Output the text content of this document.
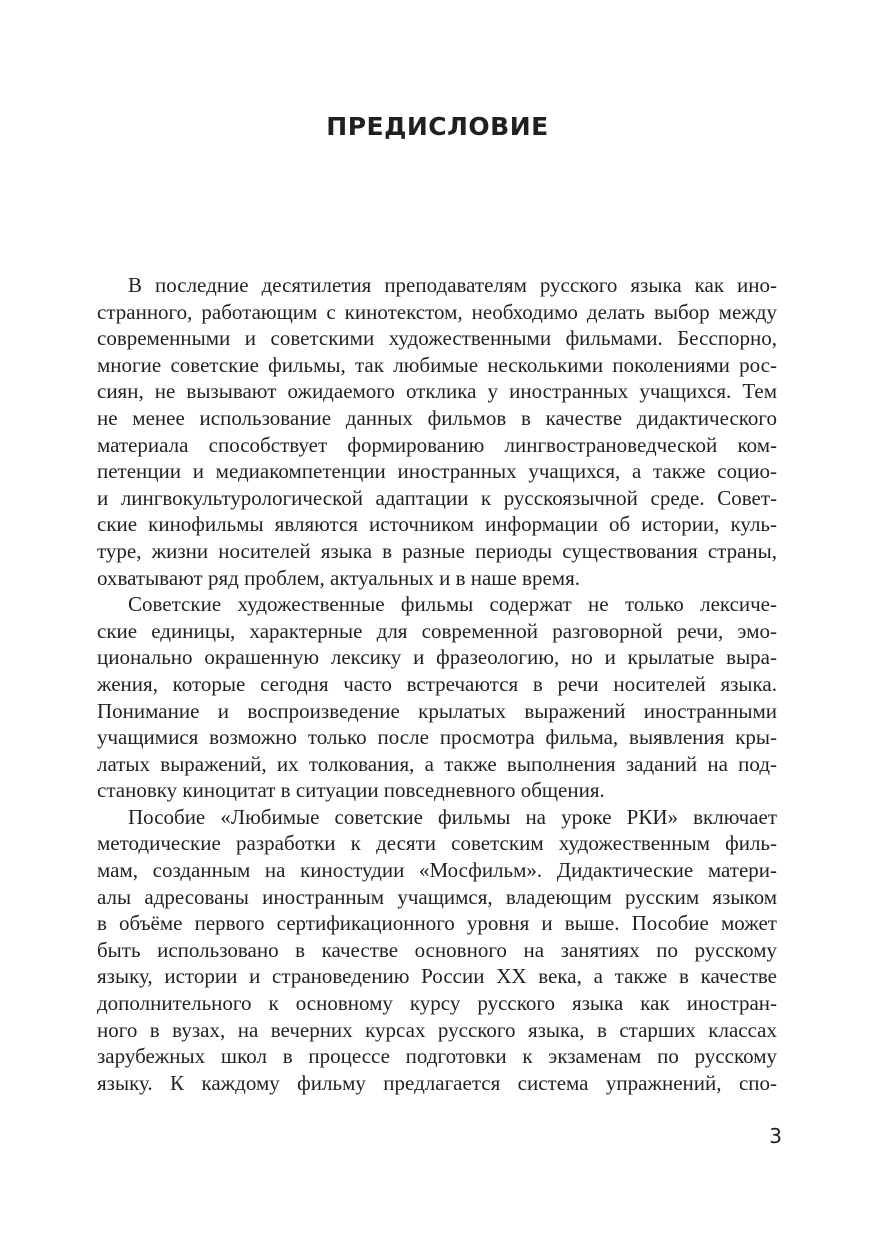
ПРЕДИСЛОВИЕ

В последние десятилетия преподавателям русского языка как ино-
странного, работающим с кинотекстом, необходимо делать выбор между
современными и советскими художественными фильмами. Бесспорно,
многие советские фильмы, так любимые несколькими поколениями рос-
сиян, не вызывают ожидаемого отклика у иностранных учащихся. Тем
не менее использование данных фильмов в качестве дидактического
материала способствует формированию лингвострановедческой ком-
петенции и медиакомпетенции иностранных учащихся, а также социо-
и лингвокультурологической адаптации к русскоязычной среде. Совет-
ские кинофильмы являются источником информации об истории, куль-
туре, жизни носителей языка в разные периоды существования страны,
охватывают ряд проблем, актуальных и в наше время.

Советские художественные фильмы содержат не только лексиче-
ские единицы, характерные для современной разговорной речи, эмо-
ционально окрашенную лексику и фразеологию, но и крылатые выра-
жения, которые сегодня часто встречаются в речи носителей языка.
Понимание и воспроизведение крылатых выражений иностранными
учащимися возможно только после просмотра фильма, выявления кры-
латых выражений, их толкования, а также выполнения заданий на под-
становку киноцитат в ситуации повседневного общения.

Пособие «Любимые советские фильмы на уроке РКИ» включает
методические разработки к десяти советским художественным филь-
мам, созданным на киностудии «Мосфильм». Дидактические матери-
алы адресованы иностранным учащимся, владеющим русским языком
в объёме первого сертификационного уровня и выше. Пособие может
быть использовано в качестве основного на занятиях по русскому
языку, истории и страноведению России XX века, а также в качестве
дополнительного к основному курсу русского языка как иностран-
ного в вузах, на вечерних курсах русского языка, в старших классах
зарубежных школ в процессе подготовки к экзаменам по русскому
языку. К каждому фильму предлагается система упражнений, спо-

3
